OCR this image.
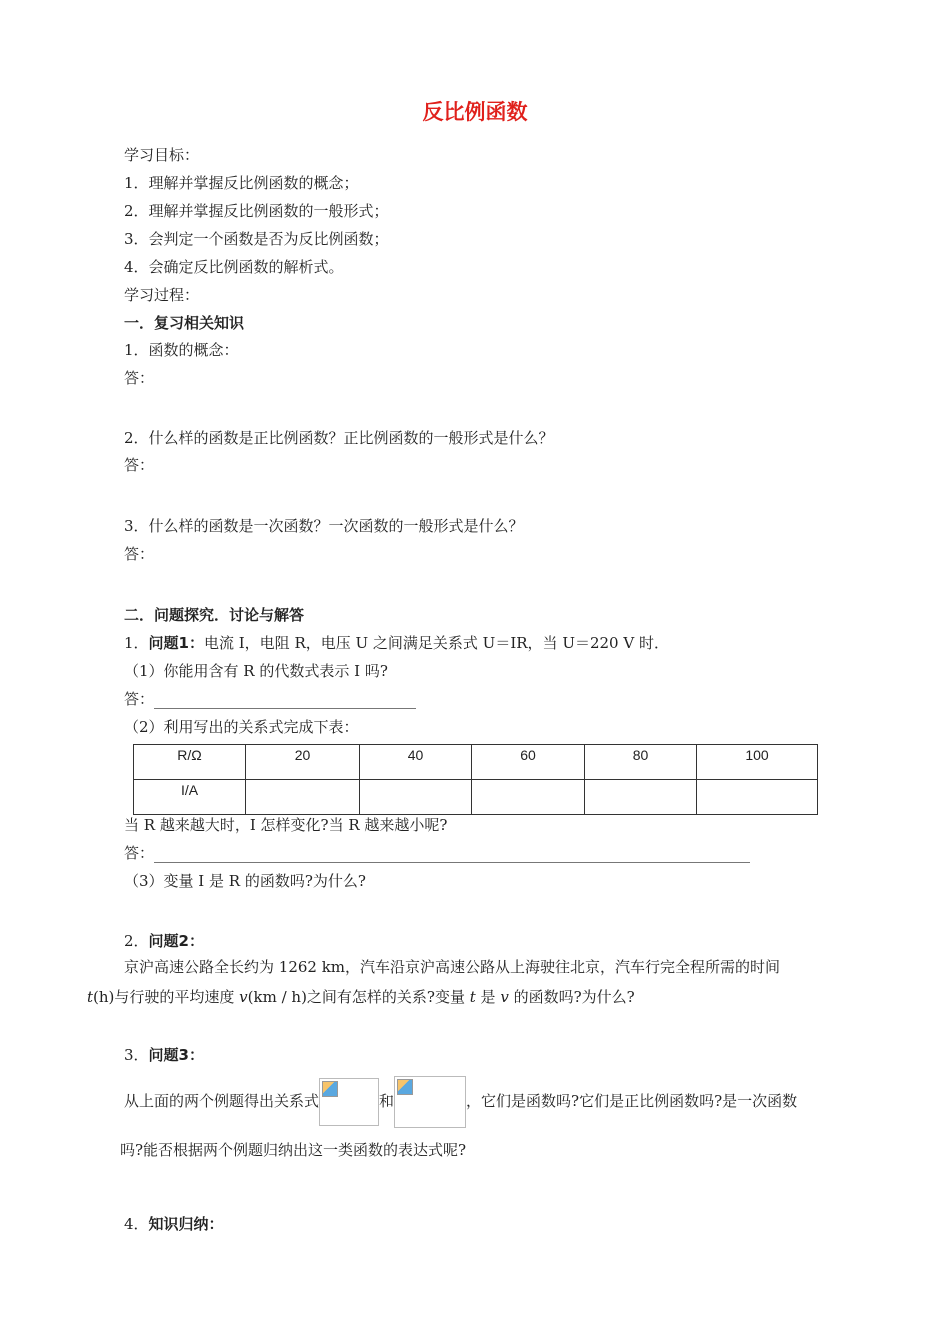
反比例函数
学习目标：
1．理解并掌握反比例函数的概念；
2．理解并掌握反比例函数的一般形式；
3．会判定一个函数是否为反比例函数；
4．会确定反比例函数的解析式。
学习过程：
一．复习相关知识
1．函数的概念：
答：
2．什么样的函数是正比例函数？正比例函数的一般形式是什么？
答：
3．什么样的函数是一次函数？一次函数的一般形式是什么？
答：
二．问题探究．讨论与解答
1．问题1：电流 I，电阻 R，电压 U 之间满足关系式 U＝IR，当 U＝220 V 时．
（1）你能用含有 R 的代数式表示 I 吗?
答：
（2）利用写出的关系式完成下表：
R/Ω	20	40	60	80	100
I/A					
当 R 越来越大时，I 怎样变化?当 R 越来越小呢?
答：
（3）变量 I 是 R 的函数吗?为什么?
2．问题2：
京沪高速公路全长约为 1262 km，汽车沿京沪高速公路从上海驶往北京，汽车行完全程所需的时间
t(h)与行驶的平均速度 v(km / h)之间有怎样的关系?变量 t 是 v 的函数吗?为什么?
3．问题3：
从上面的两个例题得出关系式	和	，它们是函数吗?它们是正比例函数吗?是一次函数
吗?能否根据两个例题归纳出这一类函数的表达式呢?
4．知识归纳：
